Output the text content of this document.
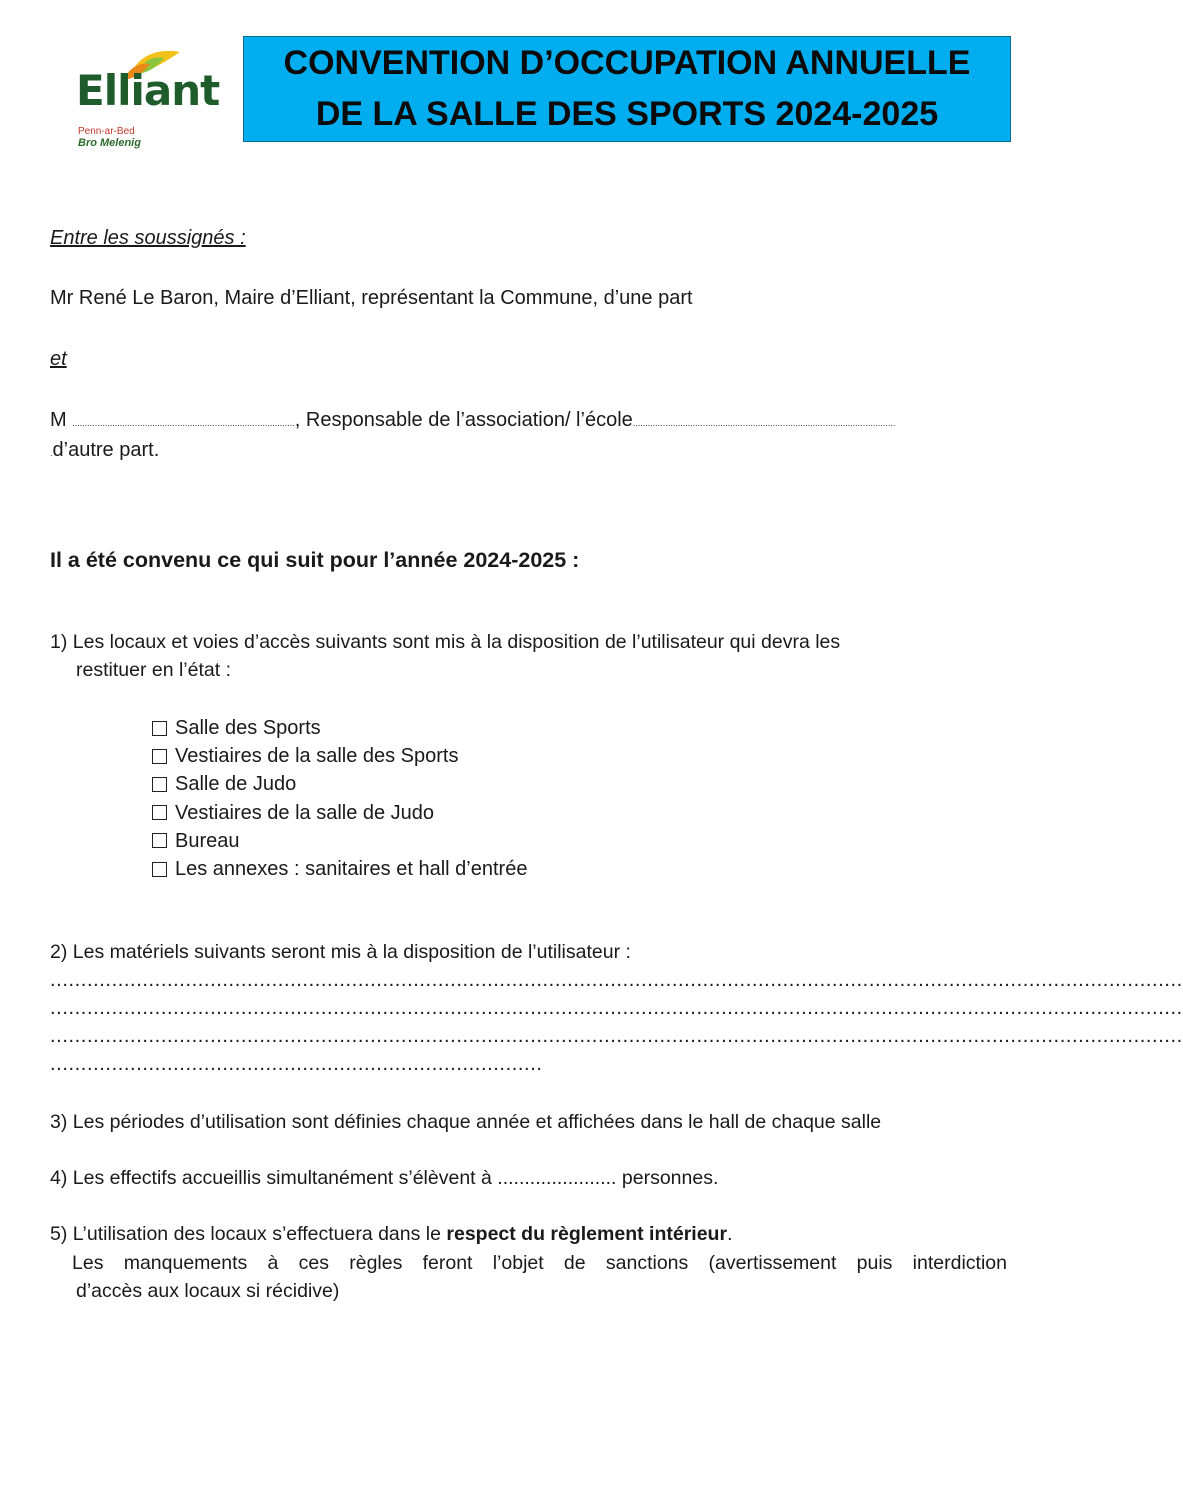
Elliant
Penn-ar-Bed
Bro Melenig
CONVENTION D’OCCUPATION ANNUELLE
DE LA SALLE DES SPORTS 2024-2025
Entre les soussignés :
Mr René Le Baron, Maire d’Elliant, représentant la Commune, d’une part
et
M ........................................................................................., Responsable de l’association/ l’école.........................................................................................................
.d’autre part.
Il a été convenu ce qui suit pour l’année 2024-2025 :
1) Les locaux et voies d’accès suivants sont mis à la disposition de l’utilisateur qui devra les
restituer en l’état :
Salle des Sports
Vestiaires de la salle des Sports
Salle de Judo
Vestiaires de la salle de Judo
Bureau
Les annexes : sanitaires et hall d’entrée
2) Les matériels suivants seront mis à la disposition de l’utilisateur :
........................................................................................................................................................................................
........................................................................................................................................................................................
........................................................................................................................................................................................
................................................................................
3) Les périodes d’utilisation sont définies chaque année et affichées dans le hall de chaque salle
4) Les effectifs accueillis simultanément s’élèvent à ...................... personnes.
5) L’utilisation des locaux s’effectuera dans le respect du règlement intérieur.
Les manquements à ces règles feront l’objet de sanctions (avertissement puis interdiction
d’accès aux locaux si récidive)
